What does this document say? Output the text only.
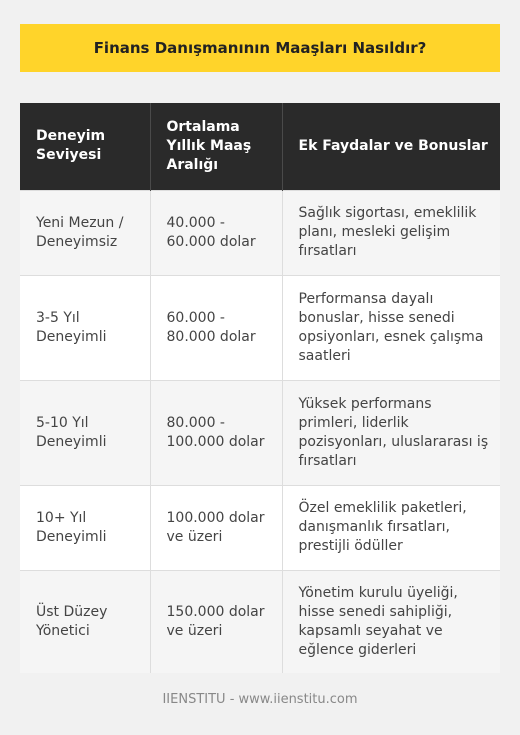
Finans Danışmanının Maaşları Nasıldır?
Deneyim Seviyesi	Ortalama Yıllık Maaş Aralığı	Ek Faydalar ve Bonuslar
Yeni Mezun / Deneyimsiz	40.000 - 60.000 dolar	Sağlık sigortası, emeklilik planı, mesleki gelişim fırsatları
3-5 Yıl Deneyimli	60.000 - 80.000 dolar	Performansa dayalı bonuslar, hisse senedi opsiyonları, esnek çalışma saatleri
5-10 Yıl Deneyimli	80.000 - 100.000 dolar	Yüksek performans primleri, liderlik pozisyonları, uluslararası iş fırsatları
10+ Yıl Deneyimli	100.000 dolar ve üzeri	Özel emeklilik paketleri, danışmanlık fırsatları, prestijli ödüller
Üst Düzey Yönetici	150.000 dolar ve üzeri	Yönetim kurulu üyeliği, hisse senedi sahipliği, kapsamlı seyahat ve eğlence giderleri
IIENSTITU - www.iienstitu.com
